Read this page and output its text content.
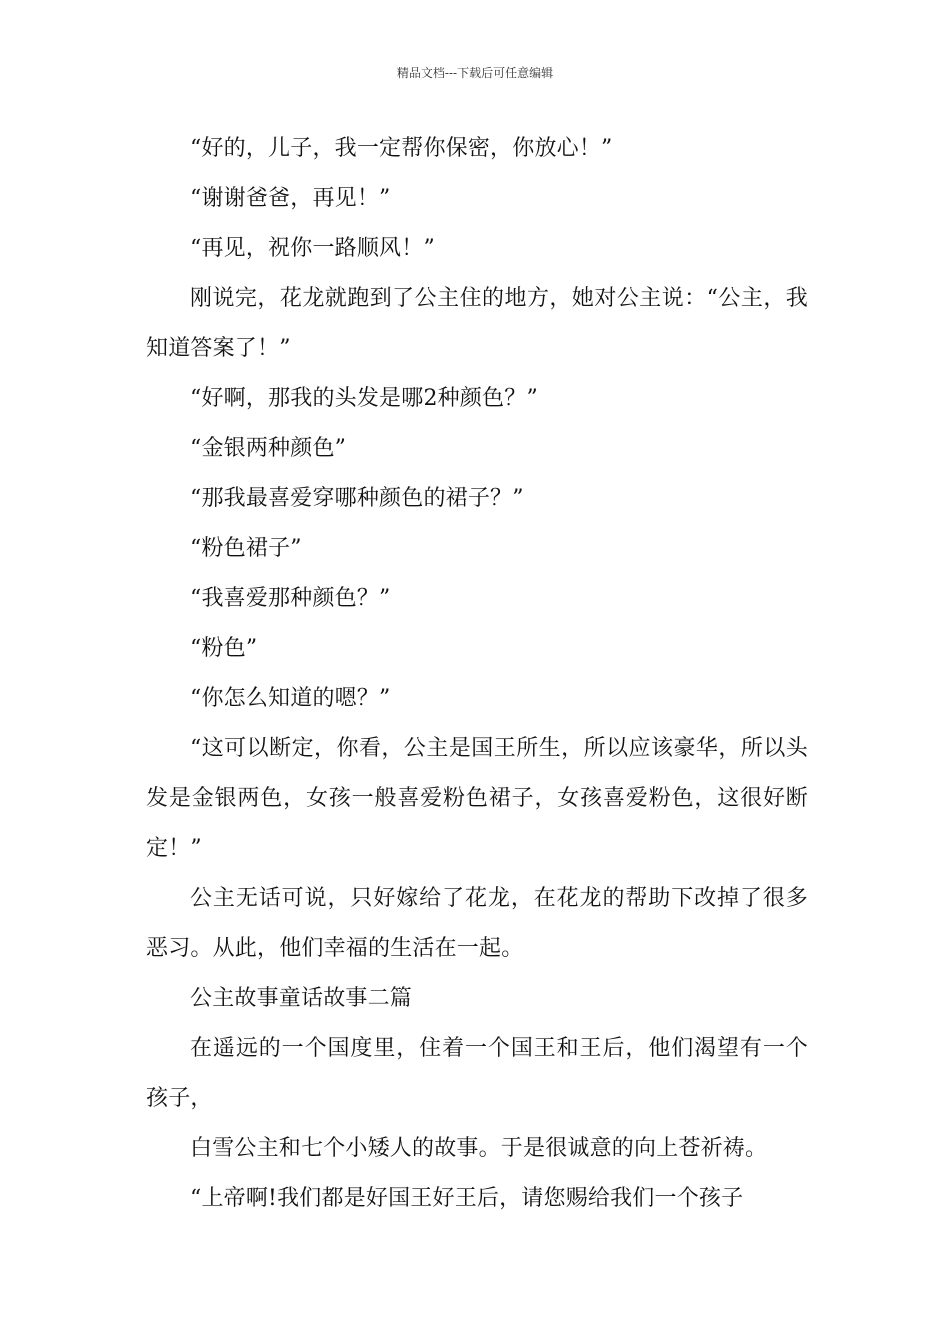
精品文档---下载后可任意编辑

“好的，儿子，我一定帮你保密，你放心！”

“谢谢爸爸，再见！”

“再见，祝你一路顺风！”

刚说完，花龙就跑到了公主住的地方，她对公主说：“公主，我知道答案了！”

“好啊，那我的头发是哪2种颜色？”

“金银两种颜色”

“那我最喜爱穿哪种颜色的裙子？”

“粉色裙子”

“我喜爱那种颜色？”

“粉色”

“你怎么知道的嗯？”

“这可以断定，你看，公主是国王所生，所以应该豪华，所以头发是金银两色，女孩一般喜爱粉色裙子，女孩喜爱粉色，这很好断定！”

公主无话可说，只好嫁给了花龙，在花龙的帮助下改掉了很多恶习。从此，他们幸福的生活在一起。

公主故事童话故事二篇

在遥远的一个国度里，住着一个国王和王后，他们渴望有一个孩子，

白雪公主和七个小矮人的故事。于是很诚意的向上苍祈祷。

“上帝啊!我们都是好国王好王后，请您赐给我们一个孩子
